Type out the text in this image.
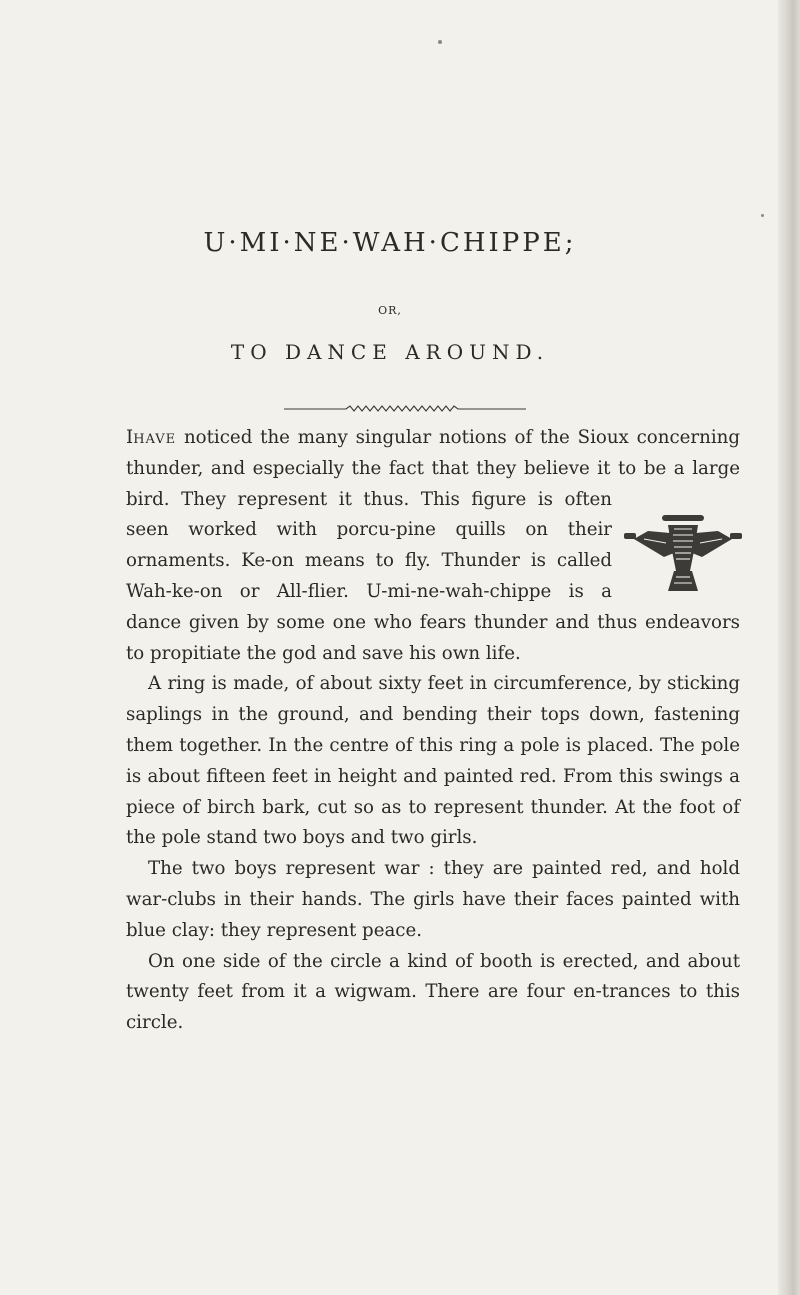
U·MI·NE·WAH·CHIPPE;
OR,
TO DANCE AROUND.

Ihave noticed the many singular notions of the Sioux concerning thunder, and especially the fact that they believe it to be a large bird. They represent it thus.
This figure is often seen worked with porcu-pine quills on their ornaments. Ke-on means to fly. Thunder is called Wah-ke-on or All-flier. U-mi-ne-wah-chippe is a dance given by some one who fears thunder and thus endeavors to propitiate the god and save his own life.

A ring is made, of about sixty feet in circumference, by sticking saplings in the ground, and bending their tops down, fastening them together. In the centre of this ring a pole is placed. The pole is about fifteen feet in height and painted red. From this swings a piece of birch bark, cut so as to represent thunder. At the foot of the pole stand two boys and two girls.

The two boys represent war : they are painted red, and hold war-clubs in their hands. The girls have their faces painted with blue clay: they represent peace.

On one side of the circle a kind of booth is erected, and about twenty feet from it a wigwam. There are four en-trances to this circle.
